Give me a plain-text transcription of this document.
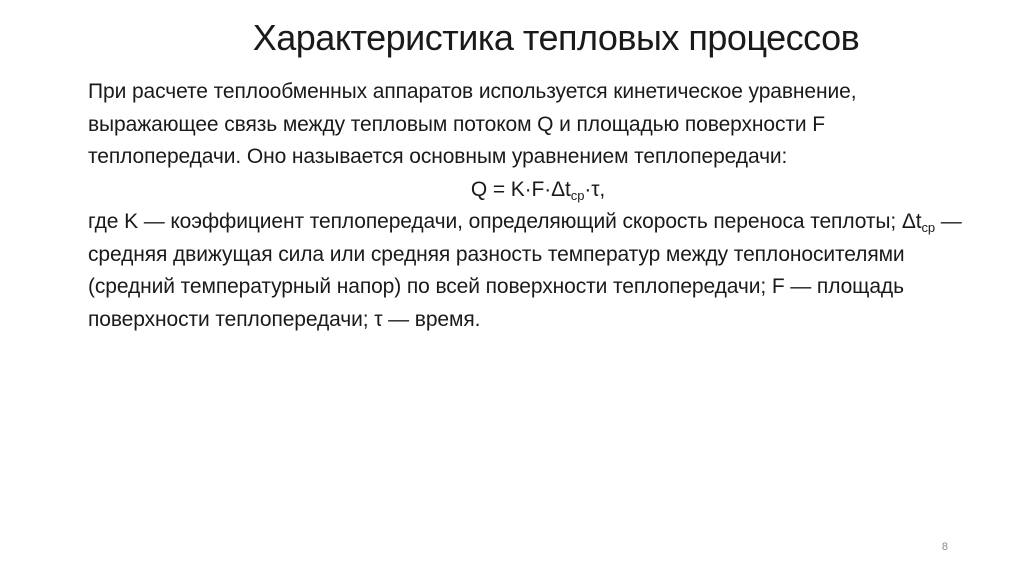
Характеристика тепловых процессов

При расчете теплообменных аппаратов используется кинетическое уравнение, выражающее связь между тепловым потоком Q и площадью поверхности F теплопередачи. Оно называется основным уравнением теплопередачи:

$Q = K\cdot F\cdot\Delta t_{ср}\cdot\tau$,

где K — коэффициент теплопередачи, определяющий скорость переноса теплоты; $\Delta t_{ср}$ — средняя движущая сила или средняя разность температур между теплоносителями (средний температурный напор) по всей поверхности теплопередачи; F — площадь поверхности теплопередачи; τ — время.

8
